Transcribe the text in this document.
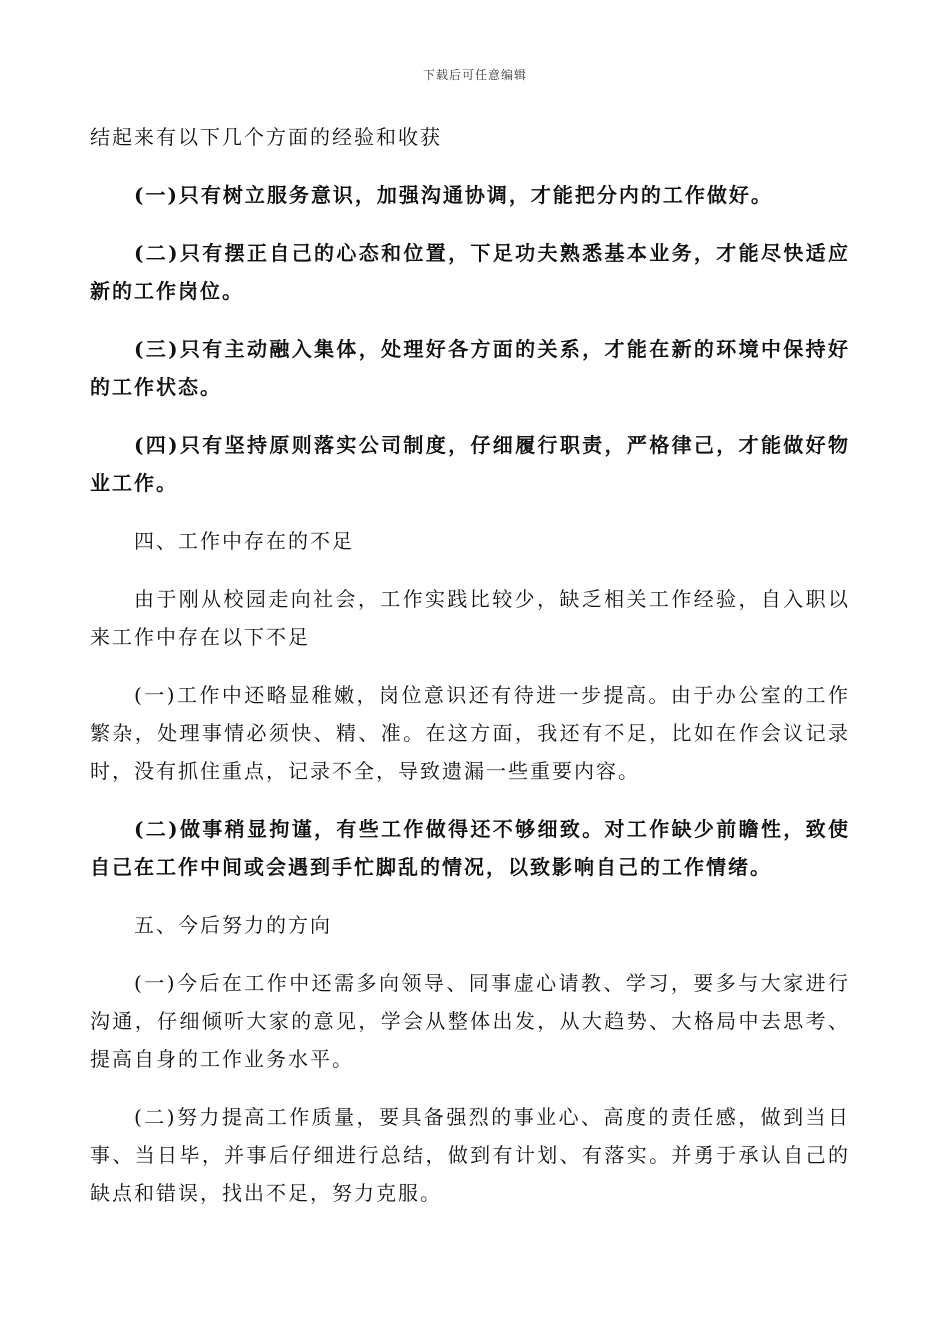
下载后可任意编辑

结起来有以下几个方面的经验和收获

(一)只有树立服务意识，加强沟通协调，才能把分内的工作做好。

(二)只有摆正自己的心态和位置，下足功夫熟悉基本业务，才能尽快适应新的工作岗位。

(三)只有主动融入集体，处理好各方面的关系，才能在新的环境中保持好的工作状态。

(四)只有坚持原则落实公司制度，仔细履行职责，严格律己，才能做好物业工作。

四、工作中存在的不足

由于刚从校园走向社会，工作实践比较少，缺乏相关工作经验，自入职以来工作中存在以下不足

(一)工作中还略显稚嫩，岗位意识还有待进一步提高。由于办公室的工作繁杂，处理事情必须快、精、准。在这方面，我还有不足，比如在作会议记录时，没有抓住重点，记录不全，导致遗漏一些重要内容。

(二)做事稍显拘谨，有些工作做得还不够细致。对工作缺少前瞻性，致使自己在工作中间或会遇到手忙脚乱的情况，以致影响自己的工作情绪。

五、今后努力的方向

(一)今后在工作中还需多向领导、同事虚心请教、学习，要多与大家进行沟通，仔细倾听大家的意见，学会从整体出发，从大趋势、大格局中去思考、提高自身的工作业务水平。

(二)努力提高工作质量，要具备强烈的事业心、高度的责任感，做到当日事、当日毕，并事后仔细进行总结，做到有计划、有落实。并勇于承认自己的缺点和错误，找出不足，努力克服。
